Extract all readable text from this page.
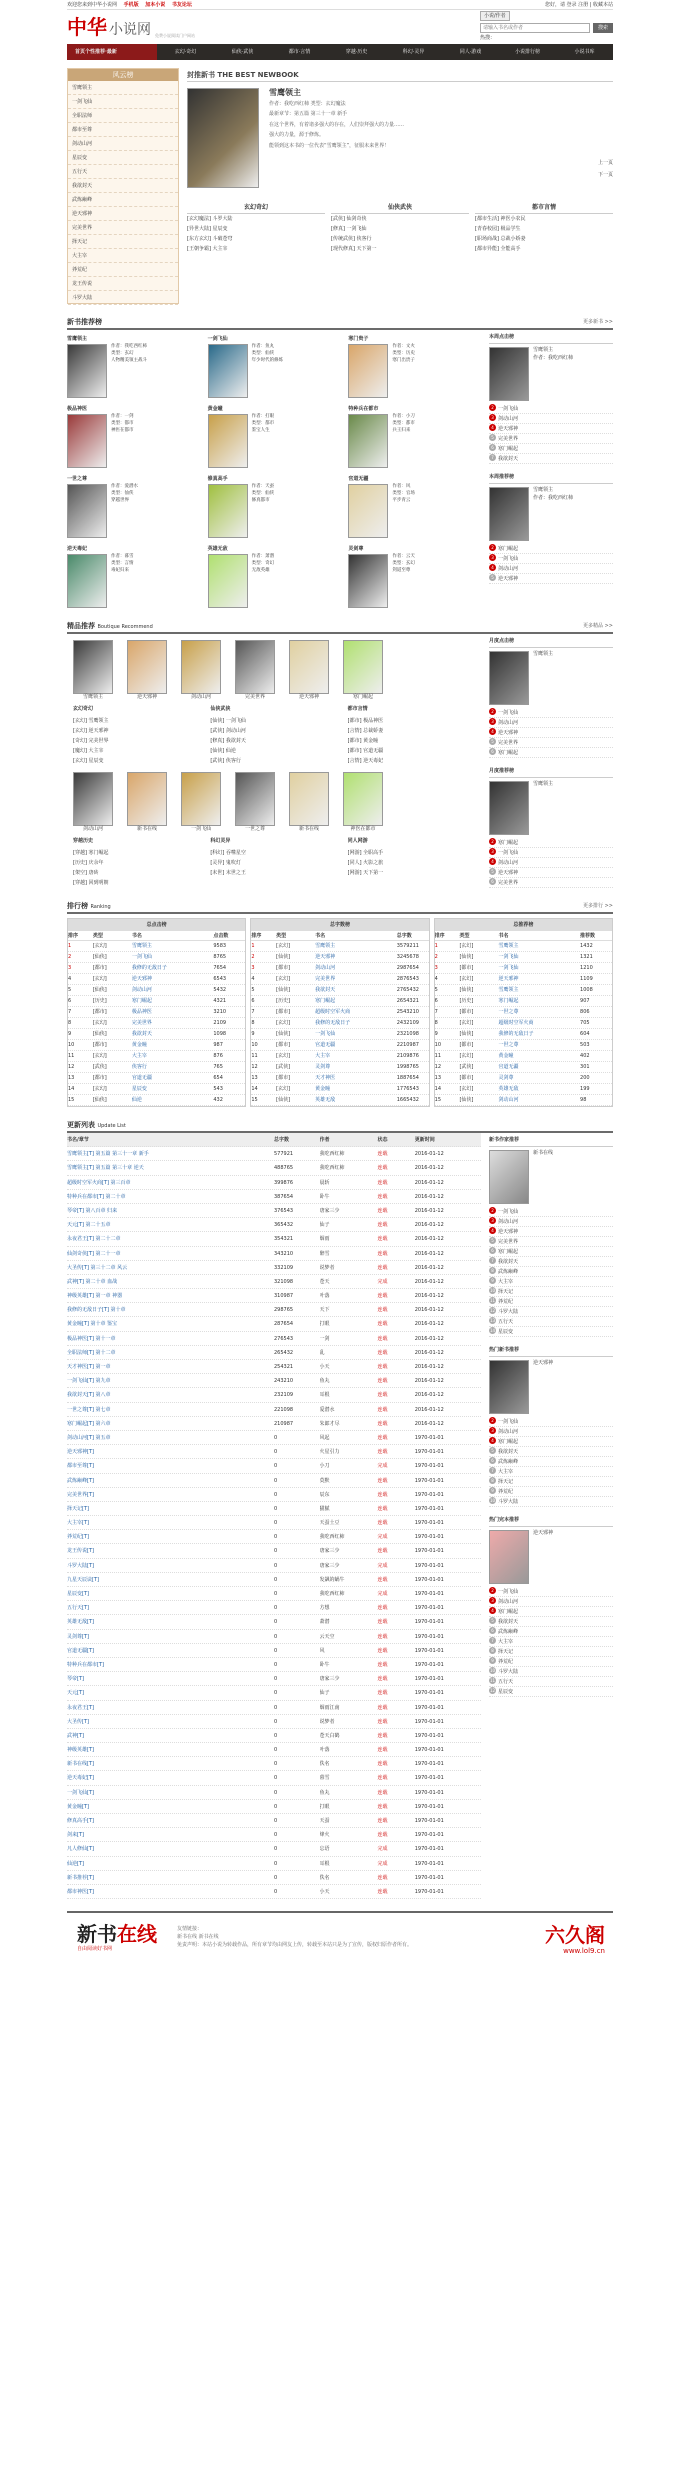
欢迎您来到中华小说网 手机版 加本小说 书友论坛	您好，请 登录 注册 | 收藏本站
中华 小说网 免费小说阅读门户网站
小说/作者
请输入书名或作者
搜索
热搜：
首页个性推荐·最新	玄幻·奇幻	仙侠·武侠	都市·言情	穿越·历史	科幻·灵异	同人·游戏	小说排行榜	小说书库
风云榜
雪鹰领主
一剑飞仙
全职法师
都市至尊
剑动山河
星辰变
五行天
我欲封天
武炼巅峰
逆天邪神
完美世界
择天记
大主宰
莽荒纪
龙王传说
斗罗大陆
封推新书 THE BEST NEWBOOK
雪鹰领主

作者：我吃西红柿 类型：玄幻魔法

最新章节：第五篇 第三十一章 新手

在这个世界，有着诸多强大的存在，人们崇拜强大的力量……

强大的力量，源于修炼。

能领到这本书的一位代表“雪鹰领主”，征服未来世界！

上一页
下一页
玄幻奇幻
[玄幻魔法] 斗罗大陆
[异世大陆] 星辰变
[东方玄幻] 斗破苍穹
[王朝争霸] 大主宰
仙侠武侠
[武侠] 仙剑奇侠
[修真] 一剑飞仙
[传统武侠] 侠客行
[现代修真] 天下第一
都市言情
[都市生活] 神医小农民
[青春校园] 极品学生
[职场商战] 总裁小娇妻
[都市异能] 全能高手
新书推荐榜	更多新书 >>
雪鹰领主
作者：我吃西红柿
类型：玄幻
人物精美领主战斗
一剑飞仙
作者：鱼丸
类型：仙侠
年少时代的修炼
寒门贵子
作者：文火
类型：历史
寒门出贵子
极品神医
作者：一剑
类型：都市
神医在都市
黄金瞳
作者：打眼
类型：都市
鉴宝人生
特种兵在都市
作者：小刀
类型：都市
兵王归来
一世之尊
作者：爱潜水
类型：仙侠
穿越世界
修真高手
作者：天蚕
类型：仙侠
修真都市
官道无疆
作者：风
类型：官场
平步青云
逆天毒妃
作者：暮雪
类型：言情
毒妃归来
英雄无敌
作者：萧潜
类型：奇幻
无敌英雄
灵剑尊
作者：云天
类型：玄幻
剑道至尊
本周点击榜
雪鹰领主
作者：我吃西红柿
2 一剑飞仙
3 剑动山河
4 逆天邪神
5 完美世界
6 寒门崛起
7 我欲封天
本周推荐榜
雪鹰领主
作者：我吃西红柿
2 寒门崛起
3 一剑飞仙
4 剑动山河
5 逆天邪神
精品推荐 Boutique Recommend	更多精品 >>
雪鹰领主	逆天邪神	剑动山河	完美世界	逆天邪神	寒门崛起
玄幻奇幻
[玄幻] 雪鹰领主
[玄幻] 逆天邪神
[奇幻] 完美世界
[魔幻] 大主宰
[玄幻] 星辰变
仙侠武侠
[仙侠] 一剑飞仙
[武侠] 剑动山河
[修真] 我欲封天
[仙侠] 仙逆
[武侠] 侠客行
都市言情
[都市] 极品神医
[言情] 总裁娇妻
[都市] 黄金瞳
[都市] 官道无疆
[言情] 逆天毒妃
剑动山河	新书在线	一剑飞仙	一世之尊	新书在线	神医在都市
穿越历史
[穿越] 寒门崛起
[历史] 庆余年
[架空] 唐砖
[穿越] 回到明朝
科幻灵异
[科幻] 吞噬星空
[灵异] 鬼吹灯
[末世] 末世之王
同人网游
[网游] 全职高手
[同人] 火影之旅
[网游] 天下第一
月度点击榜
雪鹰领主
2 一剑飞仙
3 剑动山河
4 逆天邪神
5 完美世界
6 寒门崛起
月度推荐榜
雪鹰领主
2 寒门崛起
3 一剑飞仙
4 剑动山河
5 逆天邪神
6 完美世界
排行榜 Ranking	更多排行 >>
总点击榜
排序	类型	书名	点击数
1	[玄幻]	雪鹰领主	9583
2	[仙侠]	一剑飞仙	8765
3	[都市]	我修的无敌日子	7654
4	[玄幻]	逆天邪神	6543
5	[仙侠]	剑动山河	5432
6	[历史]	寒门崛起	4321
7	[都市]	极品神医	3210
8	[玄幻]	完美世界	2109
9	[仙侠]	我欲封天	1098
10	[都市]	黄金瞳	987
11	[玄幻]	大主宰	876
12	[武侠]	侠客行	765
13	[都市]	官道无疆	654
14	[玄幻]	星辰变	543
15	[仙侠]	仙逆	432
总字数榜
排序	类型	书名	总字数
1	[玄幻]	雪鹰领主	3579211
2	[仙侠]	逆天邪神	3245678
3	[都市]	剑动山河	2987654
4	[玄幻]	完美世界	2876543
5	[仙侠]	我欲封天	2765432
6	[历史]	寒门崛起	2654321
7	[都市]	超级时空军火商	2543210
8	[玄幻]	我修的无敌日子	2432109
9	[仙侠]	一剑飞仙	2321098
10	[都市]	官道无疆	2210987
11	[玄幻]	大主宰	2109876
12	[武侠]	灵剑尊	1998765
13	[都市]	天才神医	1887654
14	[玄幻]	黄金瞳	1776543
15	[仙侠]	英雄无敌	1665432
总推荐榜
排序	类型	书名	推荐数
1	[玄幻]	雪鹰领主	1432
2	[仙侠]	一剑飞仙	1321
3	[都市]	一剑飞仙	1210
4	[玄幻]	逆天邪神	1109
5	[仙侠]	雪鹰领主	1008
6	[历史]	寒门崛起	907
7	[都市]	一世之尊	806
8	[玄幻]	超级时空军火商	705
9	[仙侠]	我修的无敌日子	604
10	[都市]	一世之尊	503
11	[玄幻]	黄金瞳	402
12	[武侠]	官道无疆	301
13	[都市]	灵剑尊	200
14	[玄幻]	英雄无敌	199
15	[仙侠]	剑动山河	98
更新列表 Update List
书名/章节	总字数	作者	状态	更新时间
雪鹰领主[T] 第五篇 第三十一章 新手	577921	我吃西红柿	连载	2016-01-12
雪鹰领主[T] 第五篇 第三十章 逆天	488765	我吃西红柿	连载	2016-01-12
超级时空军火商[T] 第三百章	399876	晨斩	连载	2016-01-12
特种兵在都市[T] 第二十章	387654	卧牛	连载	2016-01-12
琴帝[T] 第八百章 归来	376543	唐家三少	连载	2016-01-12
天元[T] 第二十五章	365432	仙子	连载	2016-01-12
永夜君王[T] 第二十二章	354321	烟雨	连载	2016-01-12
仙剑奇侠[T] 第二十一章	343210	醉雪	连载	2016-01-12
大圣传[T] 第三十二章 风云	332109	说梦者	连载	2016-01-12
武神[T] 第二十章 血战	321098	苍天	完成	2016-01-12
神级英雄[T] 第一章 神器	310987	叶落	连载	2016-01-12
我修的无敌日子[T] 第十章	298765	天下	连载	2016-01-12
黄金瞳[T] 第十章 鉴宝	287654	打眼	连载	2016-01-12
极品神医[T] 第十一章	276543	一剑	连载	2016-01-12
全职法师[T] 第十二章	265432	乱	连载	2016-01-12
天才神医[T] 第一章	254321	小天	连载	2016-01-12
一剑飞仙[T] 第九章	243210	鱼丸	连载	2016-01-12
我欲封天[T] 第八章	232109	耳根	连载	2016-01-12
一世之尊[T] 第七章	221098	爱潜水	连载	2016-01-12
寒门崛起[T] 第六章	210987	朱郎才尽	连载	2016-01-12
剑动山河[T] 第五章	0	风起	连载	1970-01-01
逆天邪神[T]	0	火星引力	连载	1970-01-01
都市至尊[T]	0	小刀	完成	1970-01-01
武炼巅峰[T]	0	莫默	连载	1970-01-01
完美世界[T]	0	辰东	连载	1970-01-01
择天记[T]	0	猫腻	连载	1970-01-01
大主宰[T]	0	天蚕土豆	连载	1970-01-01
莽荒纪[T]	0	我吃西红柿	完成	1970-01-01
龙王传说[T]	0	唐家三少	连载	1970-01-01
斗罗大陆[T]	0	唐家三少	完成	1970-01-01
九星天辰诀[T]	0	发飙的蜗牛	连载	1970-01-01
星辰变[T]	0	我吃西红柿	完成	1970-01-01
五行天[T]	0	方想	连载	1970-01-01
英雄无敌[T]	0	萧潜	连载	1970-01-01
灵剑尊[T]	0	云天空	连载	1970-01-01
官道无疆[T]	0	风	连载	1970-01-01
特种兵在都市[T]	0	卧牛	连载	1970-01-01
琴帝[T]	0	唐家三少	连载	1970-01-01
天元[T]	0	仙子	连载	1970-01-01
永夜君王[T]	0	烟雨江南	连载	1970-01-01
大圣传[T]	0	说梦者	连载	1970-01-01
武神[T]	0	苍天白鹤	连载	1970-01-01
神级英雄[T]	0	叶落	连载	1970-01-01
新书在线[T]	0	佚名	连载	1970-01-01
逆天毒妃[T]	0	暮雪	连载	1970-01-01
一剑飞仙[T]	0	鱼丸	连载	1970-01-01
黄金瞳[T]	0	打眼	连载	1970-01-01
修真高手[T]	0	天蚕	连载	1970-01-01
剑来[T]	0	烽火	连载	1970-01-01
凡人修仙[T]	0	忘语	完成	1970-01-01
仙逆[T]	0	耳根	完成	1970-01-01
新书推荐[T]	0	佚名	连载	1970-01-01
都市神医[T]	0	小天	连载	1970-01-01
新书作家推荐
新书在线
2 一剑飞仙
3 剑动山河
4 逆天邪神
5 完美世界
6 寒门崛起
7 我欲封天
8 武炼巅峰
9 大主宰
10 择天记
11 莽荒纪
12 斗罗大陆
13 五行天
14 星辰变
热门新书推荐
逆天邪神
2 一剑飞仙
3 剑动山河
4 寒门崛起
5 我欲封天
6 武炼巅峰
7 大主宰
8 择天记
9 莽荒纪
10 斗罗大陆
热门完本推荐
逆天邪神
2 一剑飞仙
3 剑动山河
4 寒门崛起
5 我欲封天
6 武炼巅峰
7 大主宰
8 择天记
9 莽荒纪
10 斗罗大陆
11 五行天
12 星辰变
新书在线
自由阅读好书网
友情链接：
新书在线 新书在线
免责声明：本站小说为转载作品，所有章节均由网友上传，转载至本站只是为了宣传，版权归原作者所有。	六久阁
www.lol9.cn
